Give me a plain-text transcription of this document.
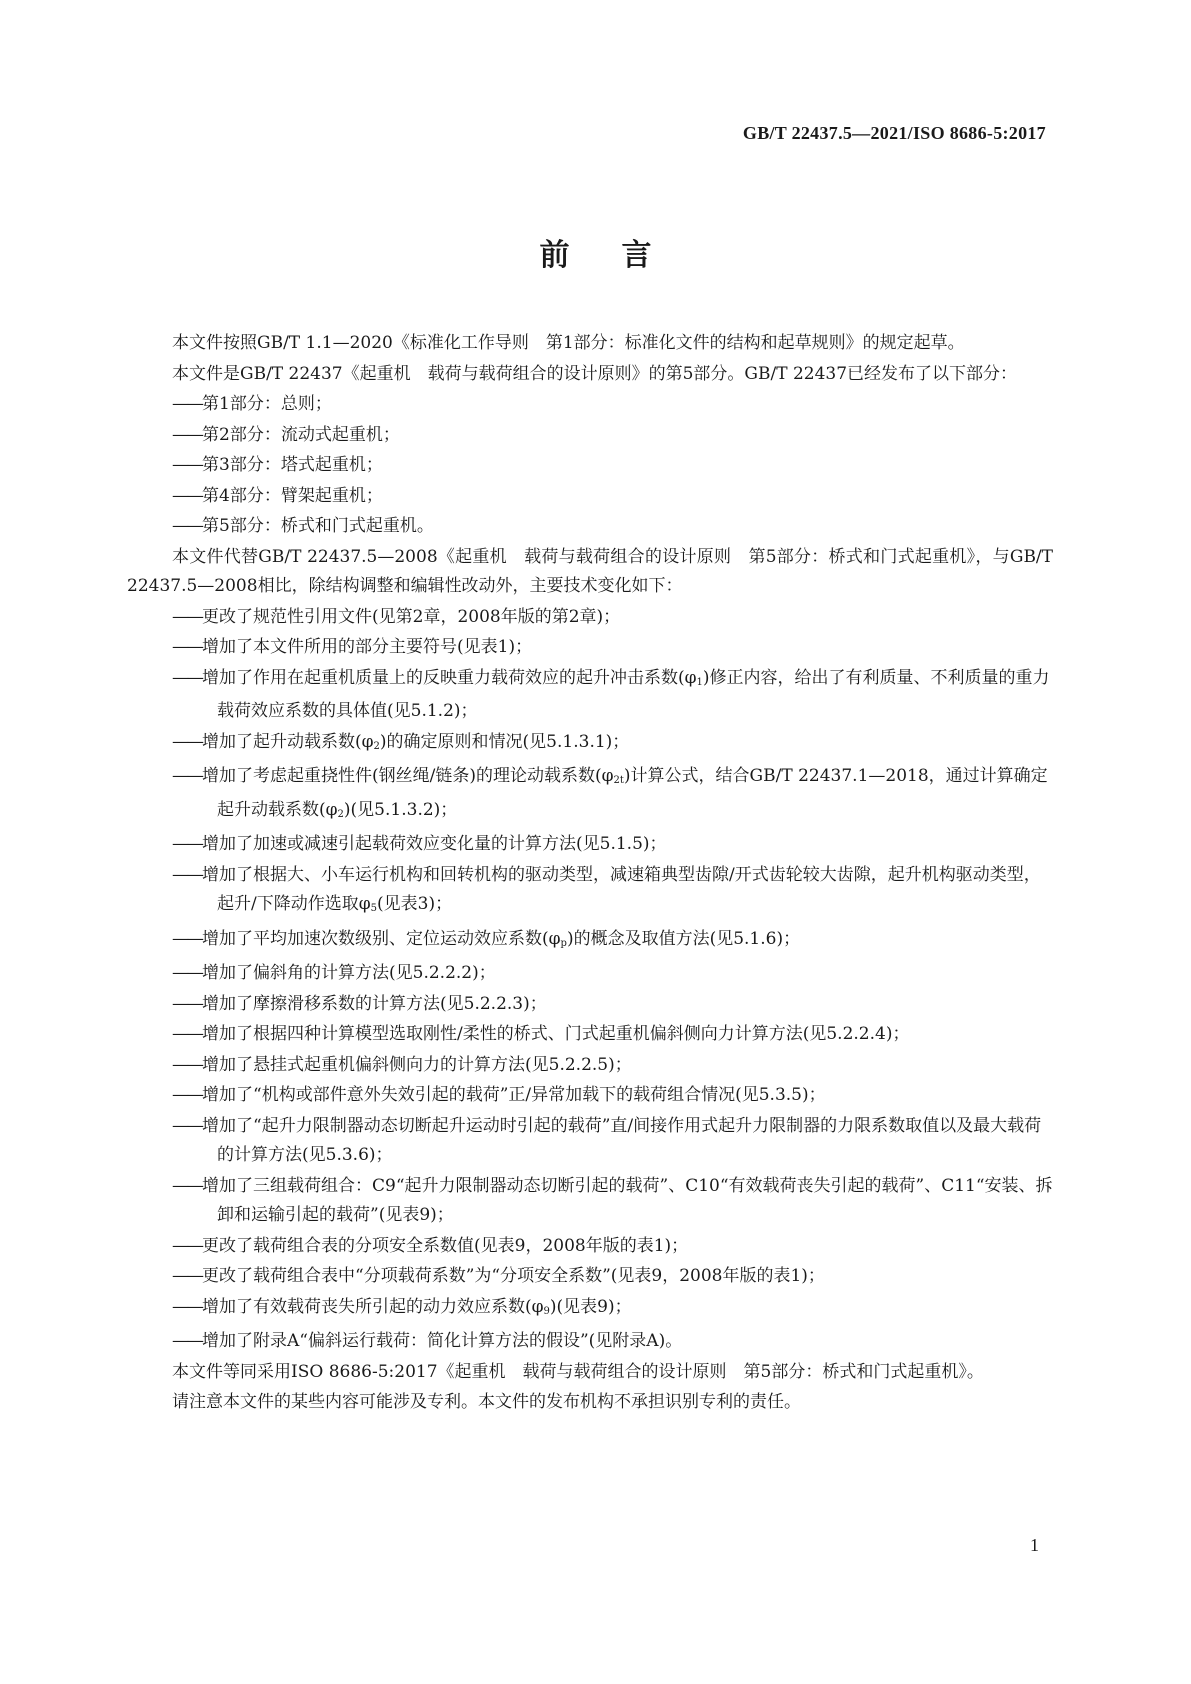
GB/T 22437.5—2021/ISO 8686-5:2017
前 言

本文件按照GB/T 1.1—2020《标准化工作导则　第1部分：标准化文件的结构和起草规则》的规定起草。

本文件是GB/T 22437《起重机　载荷与载荷组合的设计原则》的第5部分。GB/T 22437已经发布了以下部分：

——第1部分：总则；

——第2部分：流动式起重机；

——第3部分：塔式起重机；

——第4部分：臂架起重机；

——第5部分：桥式和门式起重机。

本文件代替GB/T 22437.5—2008《起重机　载荷与载荷组合的设计原则　第5部分：桥式和门式起重机》，与GB/T 22437.5—2008相比，除结构调整和编辑性改动外，主要技术变化如下：

——更改了规范性引用文件(见第2章，2008年版的第2章)；

——增加了本文件所用的部分主要符号(见表1)；

——增加了作用在起重机质量上的反映重力载荷效应的起升冲击系数$(\varphi_1)$修正内容，给出了有利质量、不利质量的重力载荷效应系数的具体值(见5.1.2)；

——增加了起升动载系数$(\varphi_2)$的确定原则和情况(见5.1.3.1)；

——增加了考虑起重挠性件(钢丝绳/链条)的理论动载系数$(\varphi_{2t})$计算公式，结合GB/T 22437.1—2018，通过计算确定起升动载系数$(\varphi_2)$(见5.1.3.2)；

——增加了加速或减速引起载荷效应变化量的计算方法(见5.1.5)；

——增加了根据大、小车运行机构和回转机构的驱动类型，减速箱典型齿隙/开式齿轮较大齿隙，起升机构驱动类型，起升/下降动作选取$\varphi_5$(见表3)；

——增加了平均加速次数级别、定位运动效应系数$(\varphi_p)$的概念及取值方法(见5.1.6)；

——增加了偏斜角的计算方法(见5.2.2.2)；

——增加了摩擦滑移系数的计算方法(见5.2.2.3)；

——增加了根据四种计算模型选取刚性/柔性的桥式、门式起重机偏斜侧向力计算方法(见5.2.2.4)；

——增加了悬挂式起重机偏斜侧向力的计算方法(见5.2.2.5)；

——增加了“机构或部件意外失效引起的载荷”正/异常加载下的载荷组合情况(见5.3.5)；

——增加了“起升力限制器动态切断起升运动时引起的载荷”直/间接作用式起升力限制器的力限系数取值以及最大载荷的计算方法(见5.3.6)；

——增加了三组载荷组合：C9“起升力限制器动态切断引起的载荷”、C10“有效载荷丧失引起的载荷”、C11“安装、拆卸和运输引起的载荷”(见表9)；

——更改了载荷组合表的分项安全系数值(见表9，2008年版的表1)；

——更改了载荷组合表中“分项载荷系数”为“分项安全系数”(见表9，2008年版的表1)；

——增加了有效载荷丧失所引起的动力效应系数$(\varphi_9)$(见表9)；

——增加了附录A“偏斜运行载荷：简化计算方法的假设”(见附录A)。

本文件等同采用ISO 8686-5:2017《起重机　载荷与载荷组合的设计原则　第5部分：桥式和门式起重机》。

请注意本文件的某些内容可能涉及专利。本文件的发布机构不承担识别专利的责任。

1
